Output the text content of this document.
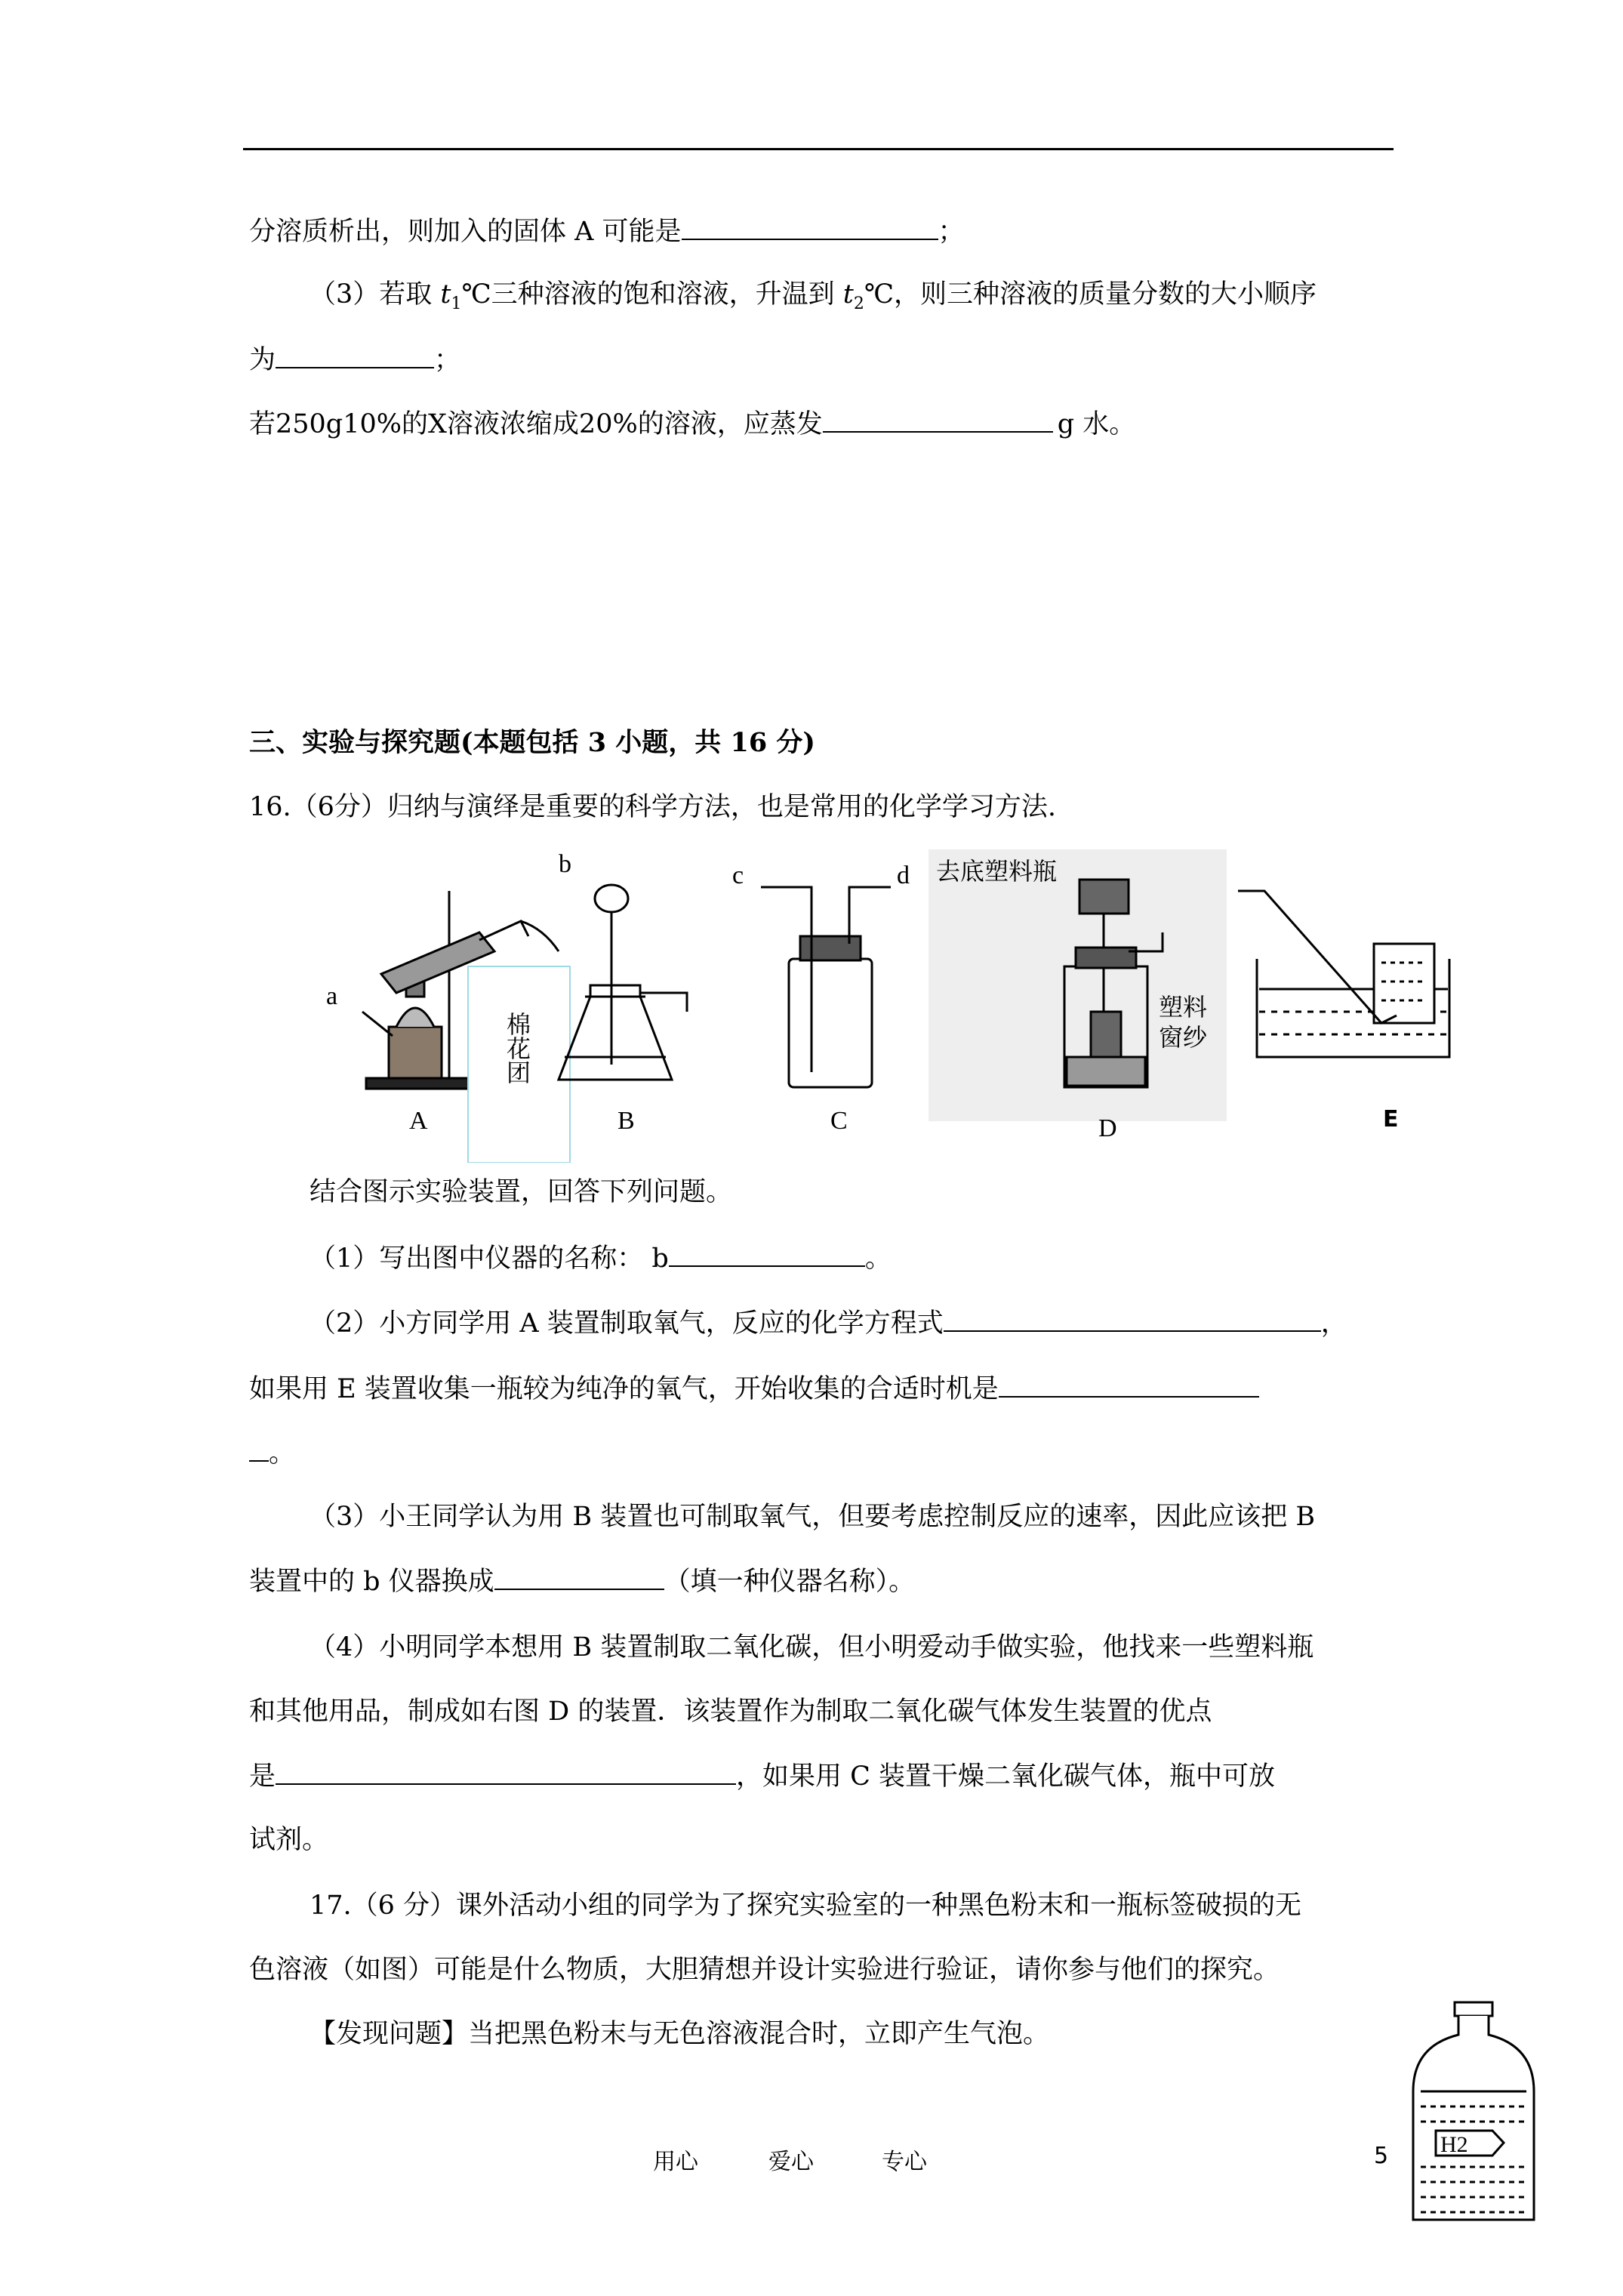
分溶质析出，则加入的固体 A 可能是	；
（3）若取 $t_1℃$三种溶液的饱和溶液，升温到 $t_2℃$，则三种溶液的质量分数的大小顺序
为	；
若250g10%的X溶液浓缩成20%的溶液，应蒸发	g 水。
三、实验与探究题(本题包括 3 小题，共 16 分)
16.（6分）归纳与演绎是重要的科学方法，也是常用的化学学习方法.
a
棉花团
A
b
B
c	d
C
去底塑料瓶
塑料
窗纱
D	E
结合图示实验装置，回答下列问题。
（1）写出图中仪器的名称： b	。
（2）小方同学用 A 装置制取氧气，反应的化学方程式	，
如果用 E 装置收集一瓶较为纯净的氧气，开始收集的合适时机是
。
（3）小王同学认为用 B 装置也可制取氧气，但要考虑控制反应的速率，因此应该把 B
装置中的 b 仪器换成	（填一种仪器名称）。
（4）小明同学本想用 B 装置制取二氧化碳，但小明爱动手做实验，他找来一些塑料瓶
和其他用品，制成如右图 D 的装置．该装置作为制取二氧化碳气体发生装置的优点
是	，如果用 C 装置干燥二氧化碳气体，瓶中可放
试剂。
17.（6 分）课外活动小组的同学为了探究实验室的一种黑色粉末和一瓶标签破损的无
色溶液（如图）可能是什么物质，大胆猜想并设计实验进行验证，请你参与他们的探究。
【发现问题】当把黑色粉末与无色溶液混合时，立即产生气泡。
H2
用心	爱心	专心	5
